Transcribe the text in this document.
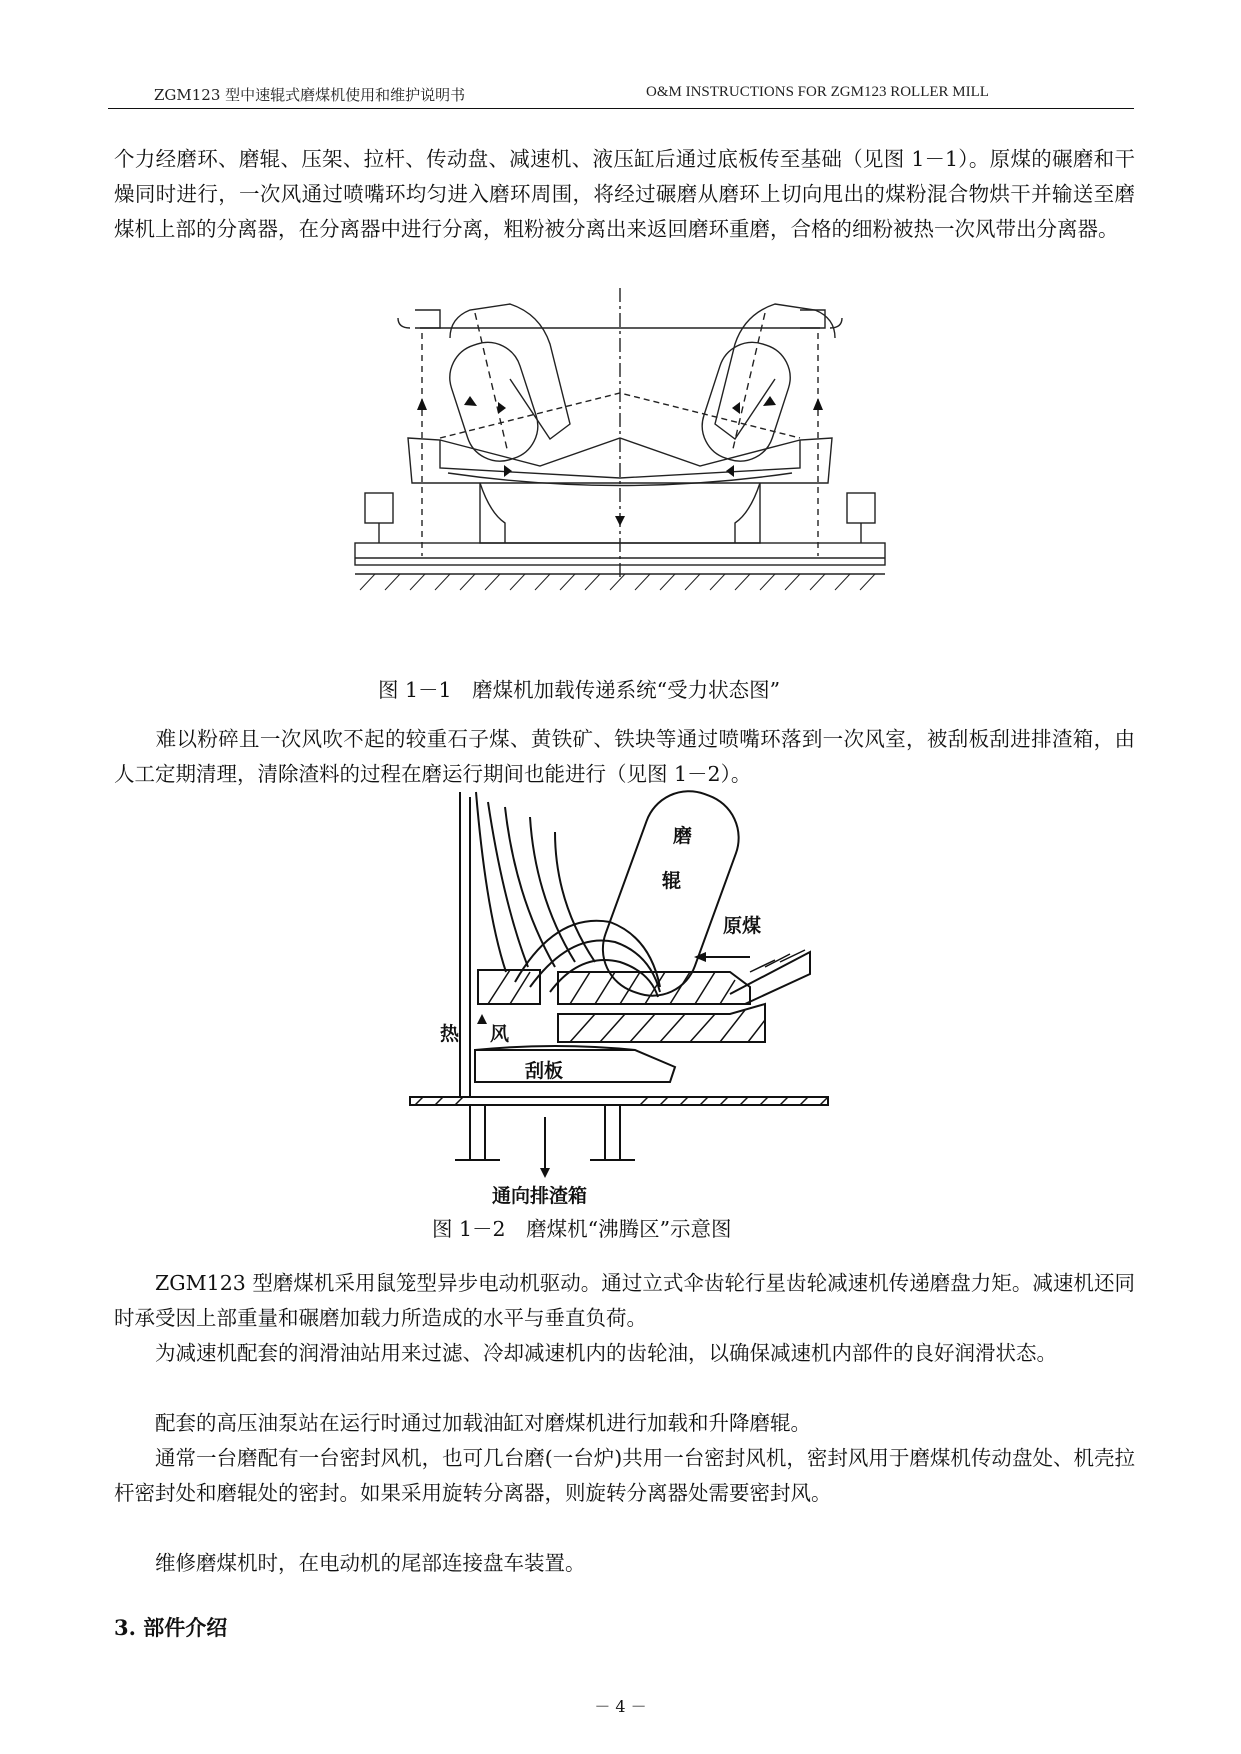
ZGM123 型中速辊式磨煤机使用和维护说明书	O&M INSTRUCTIONS FOR ZGM123 ROLLER MILL
个力经磨环、磨辊、压架、拉杆、传动盘、减速机、液压缸后通过底板传至基础（见图 1－1）。原煤的碾磨和干燥同时进行，一次风通过喷嘴环均匀进入磨环周围，将经过碾磨从磨环上切向甩出的煤粉混合物烘干并输送至磨煤机上部的分离器，在分离器中进行分离，粗粉被分离出来返回磨环重磨，合格的细粉被热一次风带出分离器。
图 1－1　磨煤机加载传递系统“受力状态图”
　　难以粉碎且一次风吹不起的较重石子煤、黄铁矿、铁块等通过喷嘴环落到一次风室，被刮板刮进排渣箱，由人工定期清理，清除渣料的过程在磨运行期间也能进行（见图 1－2）。
磨
辊
原煤
热 风
刮板
通向排渣箱
图 1－2　磨煤机“沸腾区”示意图
　　ZGM123 型磨煤机采用鼠笼型异步电动机驱动。通过立式伞齿轮行星齿轮减速机传递磨盘力矩。减速机还同时承受因上部重量和碾磨加载力所造成的水平与垂直负荷。
　　为减速机配套的润滑油站用来过滤、冷却减速机内的齿轮油，以确保减速机内部件的良好润滑状态。
　　配套的高压油泵站在运行时通过加载油缸对磨煤机进行加载和升降磨辊。
　　通常一台磨配有一台密封风机，也可几台磨(一台炉)共用一台密封风机，密封风用于磨煤机传动盘处、机壳拉杆密封处和磨辊处的密封。如果采用旋转分离器，则旋转分离器处需要密封风。
　　维修磨煤机时，在电动机的尾部连接盘车装置。
3. 部件介绍
－ 4 －
